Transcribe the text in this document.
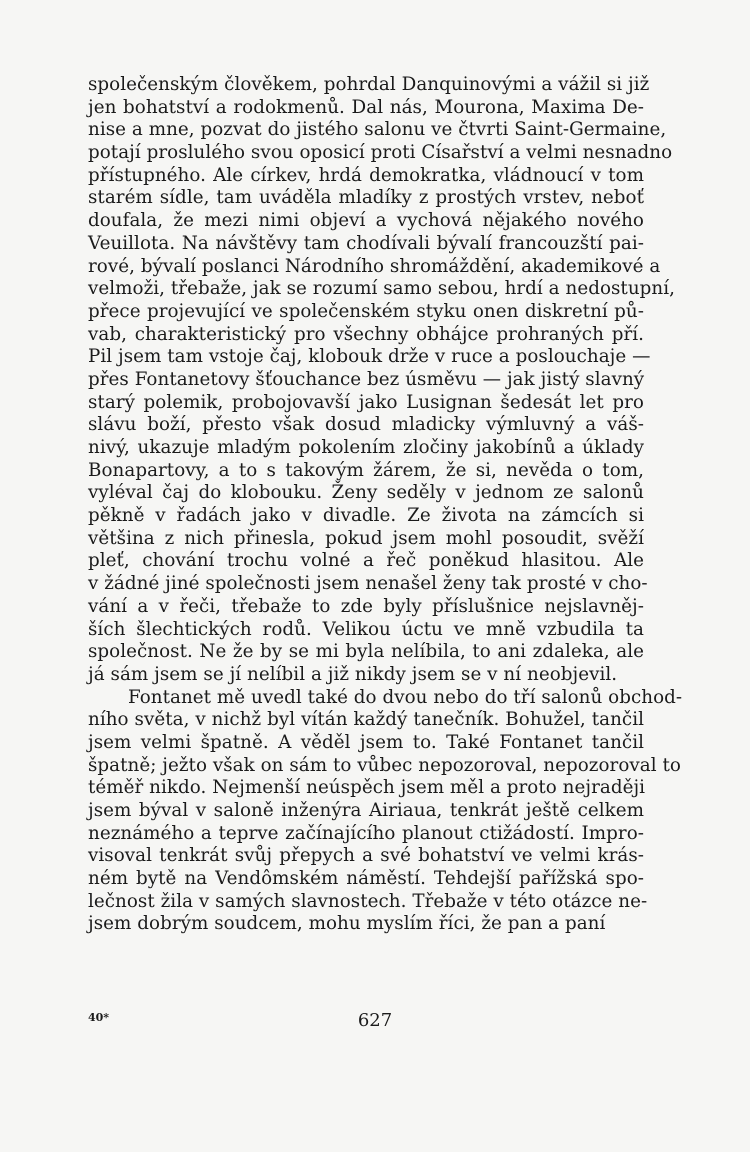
společenským člověkem, pohrdal Danquinovými a vážil si již
jen bohatství a rodokmenů. Dal nás, Mourona, Maxima De-
nise a mne, pozvat do jistého salonu ve čtvrti Saint-Germaine,
potají proslulého svou oposicí proti Císařství a velmi nesnadno
přístupného. Ale církev, hrdá demokratka, vládnoucí v tom
starém sídle, tam uváděla mladíky z prostých vrstev, neboť
doufala, že mezi nimi objeví a vychová nějakého nového
Veuillota. Na návštěvy tam chodívali bývalí francouzští pai-
rové, bývalí poslanci Národního shromáždění, akademikové a
velmoži, třebaže, jak se rozumí samo sebou, hrdí a nedostupní,
přece projevující ve společenském styku onen diskretní pů-
vab, charakteristický pro všechny obhájce prohraných pří.
Pil jsem tam vstoje čaj, klobouk drže v ruce a poslouchaje —
přes Fontanetovy šťouchance bez úsměvu — jak jistý slavný
starý polemik, probojovavší jako Lusignan šedesát let pro
slávu boží, přesto však dosud mladicky výmluvný a váš-
nivý, ukazuje mladým pokolením zločiny jakobínů a úklady
Bonapartovy, a to s takovým žárem, že si, nevěda o tom,
vyléval čaj do klobouku. Ženy seděly v jednom ze salonů
pěkně v řadách jako v divadle. Ze života na zámcích si
většina z nich přinesla, pokud jsem mohl posoudit, svěží
pleť, chování trochu volné a řeč poněkud hlasitou. Ale
v žádné jiné společnosti jsem nenašel ženy tak prosté v cho-
vání a v řeči, třebaže to zde byly příslušnice nejslavněj-
ších šlechtických rodů. Velikou úctu ve mně vzbudila ta
společnost. Ne že by se mi byla nelíbila, to ani zdaleka, ale
já sám jsem se jí nelíbil a již nikdy jsem se v ní neobjevil.
Fontanet mě uvedl také do dvou nebo do tří salonů obchod-
ního světa, v nichž byl vítán každý tanečník. Bohužel, tančil
jsem velmi špatně. A věděl jsem to. Také Fontanet tančil
špatně; ježto však on sám to vůbec nepozoroval, nepozoroval to
téměř nikdo. Nejmenší neúspěch jsem měl a proto nejraději
jsem býval v saloně inženýra Airiaua, tenkrát ještě celkem
neznámého a teprve začínajícího planout ctižádostí. Impro-
visoval tenkrát svůj přepych a své bohatství ve velmi krás-
ném bytě na Vendômském náměstí. Tehdejší pařížská spo-
lečnost žila v samých slavnostech. Třebaže v této otázce ne-
jsem dobrým soudcem, mohu myslím říci, že pan a paní
40*	627
